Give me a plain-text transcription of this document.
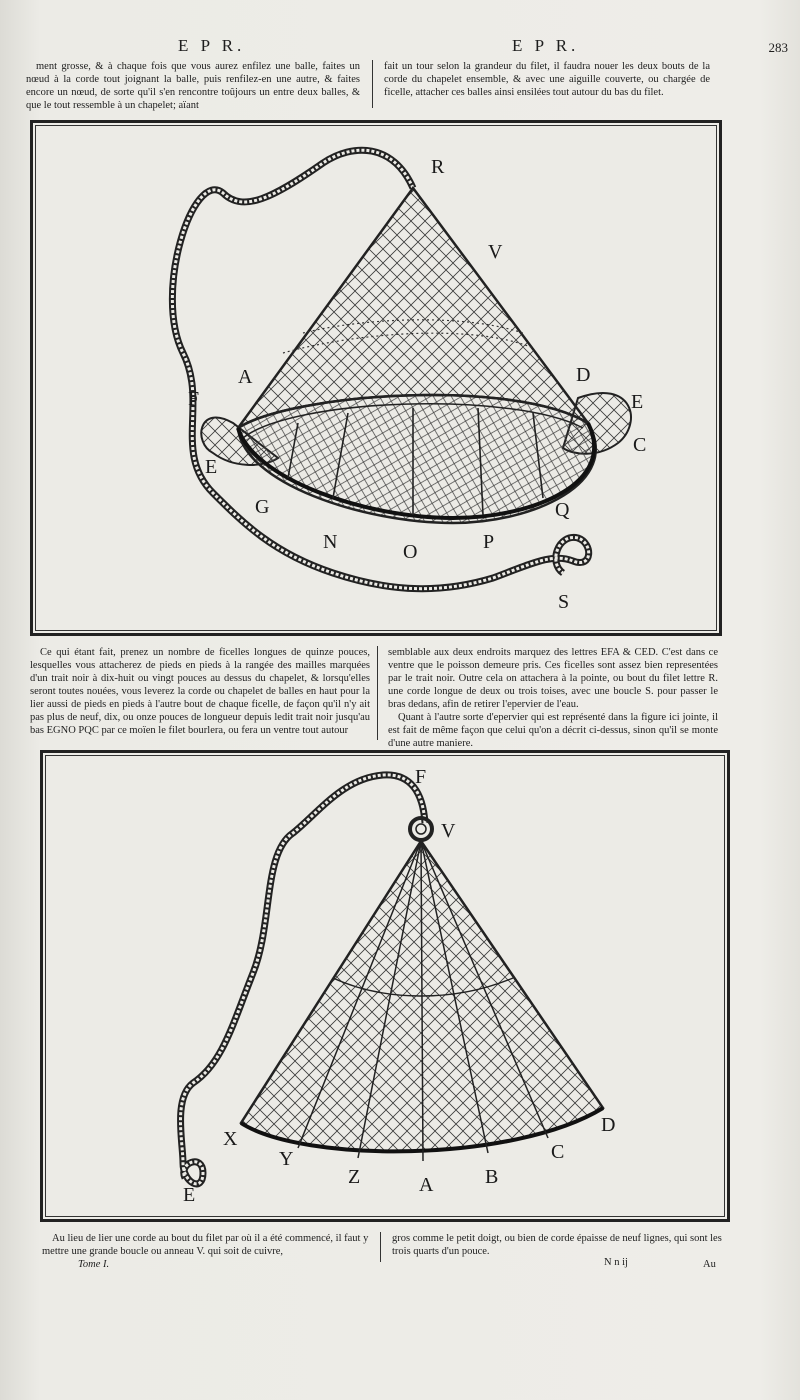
E P R.	E P R.	283

ment grosse, & à chaque fois que vous aurez enfilez une balle, faites un nœud à la corde tout joignant la balle, puis renfilez-en une autre, & faites encore un nœud, de sorte qu'il s'en rencontre toûjours un entre deux balles, & que le tout ressemble à un chapelet; aïant

fait un tour selon la grandeur du filet, il faudra nouer les deux bouts de la corde du chapelet ensemble, & avec une aiguille couverte, ou chargée de ficelle, attacher ces balles ainsi ensilées tout autour du bas du filet.

R
V
A	D
E
C
F
E
G
N	O	P
Q
S

Ce qui étant fait, prenez un nombre de ficelles longues de quinze pouces, lesquelles vous attacherez de pieds en pieds à la rangée des mailles marquées d'un trait noir à dix-huit ou vingt pouces au dessus du chapelet, & lorsqu'elles seront toutes nouées, vous leverez la corde ou chapelet de balles en haut pour la lier aussi de pieds en pieds à l'autre bout de chaque ficelle, de façon qu'il n'y ait pas plus de neuf, dix, ou onze pouces de longueur depuis ledit trait noir jusqu'au bas EGNO PQC par ce moïen le filet bourlera, ou fera un ventre tout autour

semblable aux deux endroits marquez des lettres EFA & CED. C'est dans ce ventre que le poisson demeure pris. Ces ficelles sont assez bien representées par le trait noir. Outre cela on attachera à la pointe, ou bout du filet lettre R. une corde longue de deux ou trois toises, avec une boucle S. pour passer le bras dedans, afin de retirer l'epervier de l'eau.

Quant à l'autre sorte d'epervier qui est représenté dans la figure ici jointe, il est fait de même façon que celui qu'on a décrit ci-dessus, sinon qu'il se monte d'une autre maniere.

F
V
X
Y
Z	A	B
C
D
E

Au lieu de lier une corde au bout du filet par où il a été commencé, il faut y mettre une grande boucle ou anneau V. qui soit de cuivre,

gros comme le petit doigt, ou bien de corde épaisse de neuf lignes, qui sont les trois quarts d'un pouce.

Tome I.	N n ij	Au
